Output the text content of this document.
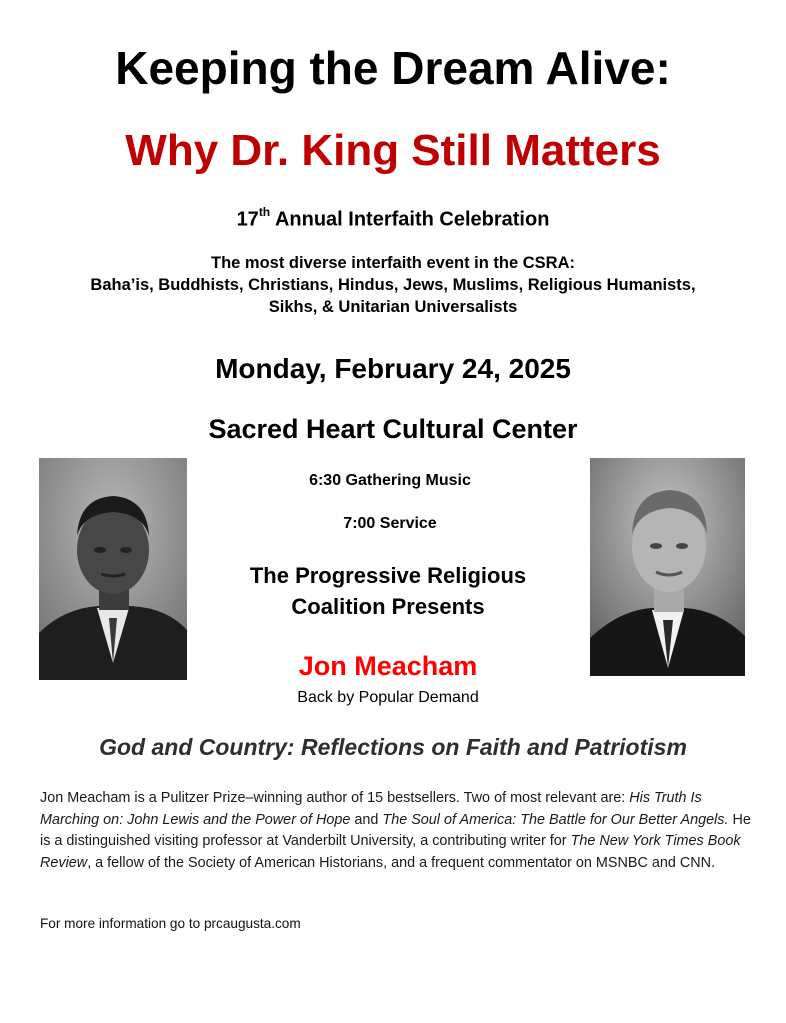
Keeping the Dream Alive:
Why Dr. King Still Matters
17th Annual Interfaith Celebration
The most diverse interfaith event in the CSRA:
Baha’is, Buddhists, Christians, Hindus, Jews, Muslims, Religious Humanists,
Sikhs, & Unitarian Universalists
Monday, February 24, 2025
Sacred Heart Cultural Center
6:30 Gathering Music
7:00 Service
The Progressive Religious
Coalition Presents
Jon Meacham
Back by Popular Demand
God and Country: Reflections on Faith and Patriotism

Jon Meacham is a Pulitzer Prize–winning author of 15 bestsellers. Two of most relevant are: His Truth Is Marching on: John Lewis and the Power of Hope and The Soul of America: The Battle for Our Better Angels. He is a distinguished visiting professor at Vanderbilt University, a contributing writer for The New York Times Book Review, a fellow of the Society of American Historians, and a frequent commentator on MSNBC and CNN.

For more information go to prcaugusta.com
